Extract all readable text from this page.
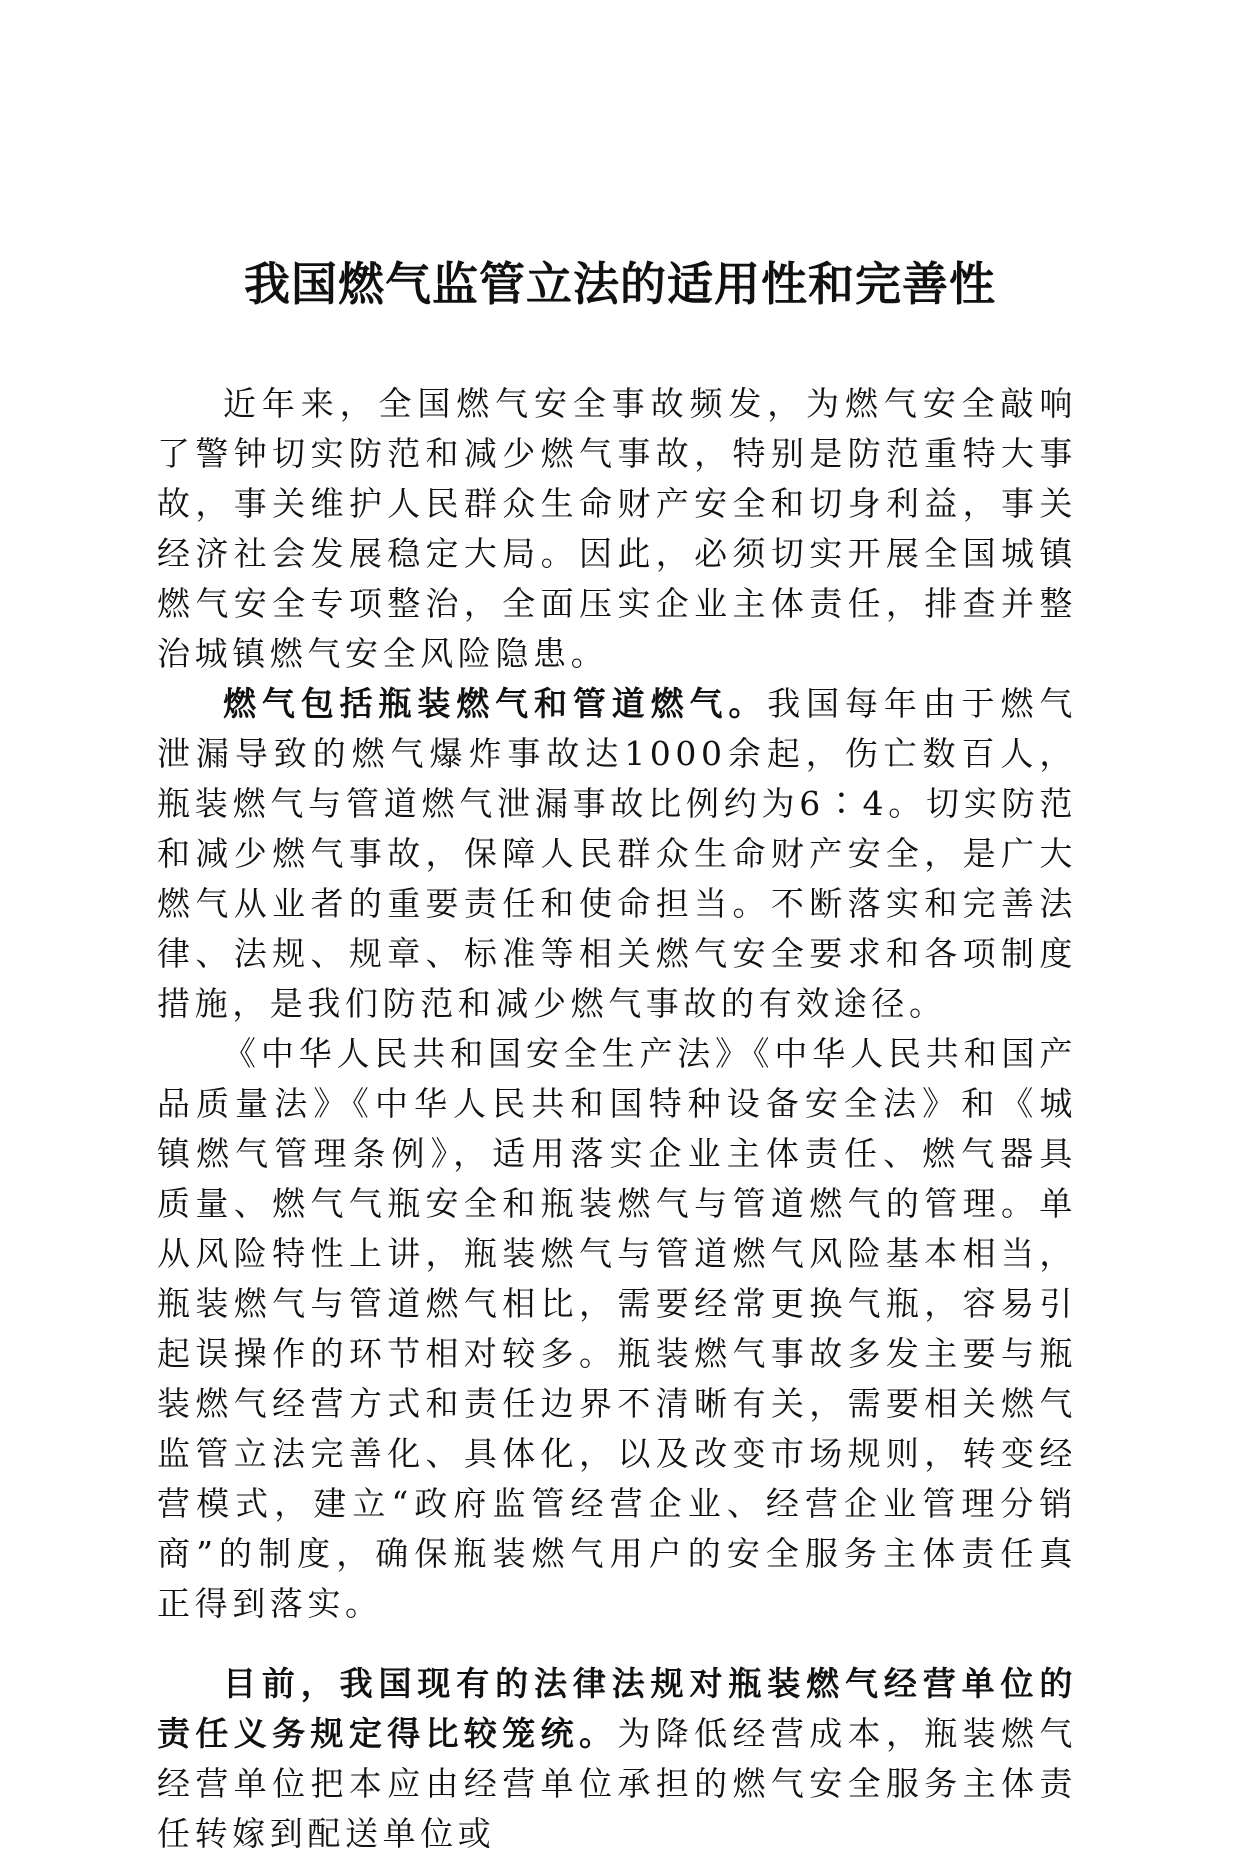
我国燃气监管立法的适用性和完善性

近年来，全国燃气安全事故频发，为燃气安全敲响了警钟切实防范和减少燃气事故，特别是防范重特大事故，事关维护人民群众生命财产安全和切身利益，事关经济社会发展稳定大局。因此，必须切实开展全国城镇燃气安全专项整治，全面压实企业主体责任，排查并整治城镇燃气安全风险隐患。

燃气包括瓶装燃气和管道燃气。我国每年由于燃气泄漏导致的燃气爆炸事故达1000余起，伤亡数百人，瓶装燃气与管道燃气泄漏事故比例约为6∶4。切实防范和减少燃气事故，保障人民群众生命财产安全，是广大燃气从业者的重要责任和使命担当。不断落实和完善法律、法规、规章、标准等相关燃气安全要求和各项制度措施，是我们防范和减少燃气事故的有效途径。

《中华人民共和国安全生产法》《中华人民共和国产品质量法》《中华人民共和国特种设备安全法》和《城镇燃气管理条例》，适用落实企业主体责任、燃气器具质量、燃气气瓶安全和瓶装燃气与管道燃气的管理。单从风险特性上讲，瓶装燃气与管道燃气风险基本相当，瓶装燃气与管道燃气相比，需要经常更换气瓶，容易引起误操作的环节相对较多。瓶装燃气事故多发主要与瓶装燃气经营方式和责任边界不清晰有关，需要相关燃气监管立法完善化、具体化，以及改变市场规则，转变经营模式，建立“政府监管经营企业、经营企业管理分销商”的制度，确保瓶装燃气用户的安全服务主体责任真正得到落实。

目前，我国现有的法律法规对瓶装燃气经营单位的责任义务规定得比较笼统。为降低经营成本，瓶装燃气经营单位把本应由经营单位承担的燃气安全服务主体责任转嫁到配送单位或
